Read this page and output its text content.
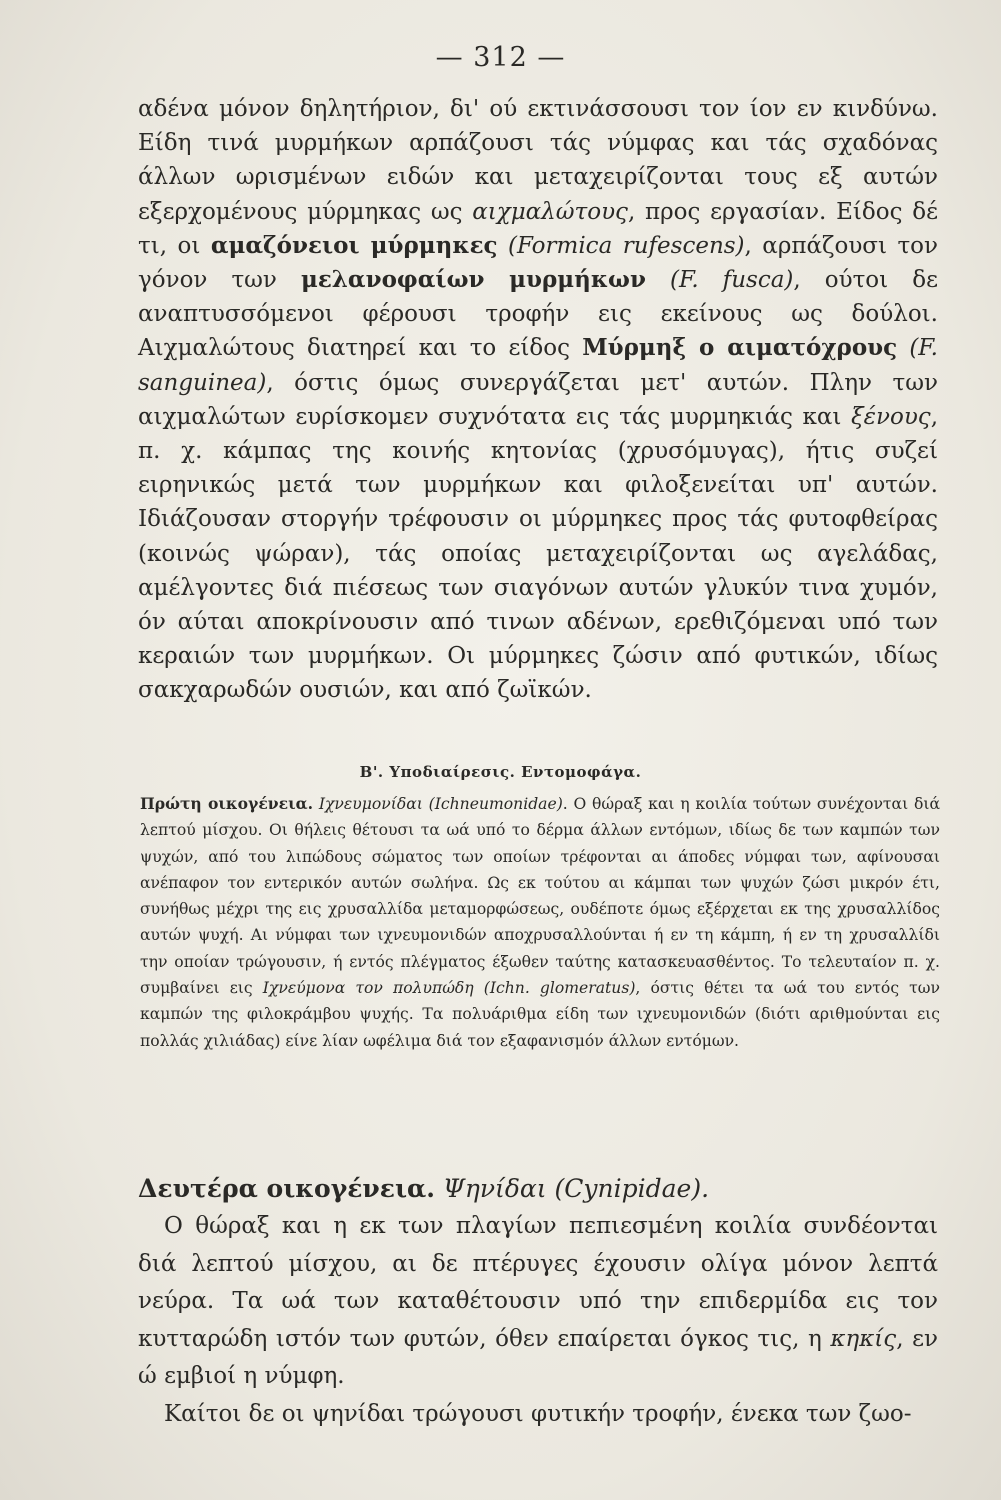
— 312 —

αδένα μόνον δηλητήριον, δι' ού εκτινάσσουσι τον ίον εν κινδύνω. Είδη τινά μυρμήκων αρπάζουσι τάς νύμφας και τάς σχαδόνας άλλων ωρισμένων ειδών και μεταχειρίζονται τους εξ αυτών εξερχομένους μύρμηκας ως αιχμαλώτους, προς εργασίαν. Είδος δέ τι, οι αμαζόνειοι μύρμηκες (Formica rufescens), αρπάζουσι τον γόνον των μελανοφαίων μυρμήκων (F. fusca), ούτοι δε αναπτυσσόμενοι φέρουσι τροφήν εις εκείνους ως δούλοι. Αιχμαλώτους διατηρεί και το είδος Μύρμηξ ο αιματόχρους (F. sanguinea), όστις όμως συνεργάζεται μετ' αυτών. Πλην των αιχμαλώτων ευρίσκομεν συχνότατα εις τάς μυρμηκιάς και ξένους, π. χ. κάμπας της κοινής κητονίας (χρυσόμυγας), ήτις συζεί ειρηνικώς μετά των μυρμήκων και φιλοξενείται υπ' αυτών. Ιδιάζουσαν στοργήν τρέφουσιν οι μύρμηκες προς τάς φυτοφθείρας (κοινώς ψώραν), τάς οποίας μεταχειρίζονται ως αγελάδας, αμέλγοντες διά πιέσεως των σιαγόνων αυτών γλυκύν τινα χυμόν, όν αύται αποκρίνουσιν από τινων αδένων, ερεθιζόμεναι υπό των κεραιών των μυρμήκων. Οι μύρμηκες ζώσιν από φυτικών, ιδίως σακχαρωδών ουσιών, και από ζωϊκών.

Β'. Υποδιαίρεσις. Εντομοφάγα.

Πρώτη οικογένεια. Ιχνευμονίδαι (Ichneumonidae). Ο θώραξ και η κοιλία τούτων συνέχονται διά λεπτού μίσχου. Οι θήλεις θέτουσι τα ωά υπό το δέρμα άλλων εντόμων, ιδίως δε των καμπών των ψυχών, από του λιπώδους σώματος των οποίων τρέφονται αι άποδες νύμφαι των, αφίνουσαι ανέπαφον τον εντερικόν αυτών σωλήνα. Ως εκ τούτου αι κάμπαι των ψυχών ζώσι μικρόν έτι, συνήθως μέχρι της εις χρυσαλλίδα μεταμορφώσεως, ουδέποτε όμως εξέρχεται εκ της χρυσαλλίδος αυτών ψυχή. Αι νύμφαι των ιχνευμονιδών αποχρυσαλλούνται ή εν τη κάμπη, ή εν τη χρυσαλλίδι την οποίαν τρώγουσιν, ή εντός πλέγματος έξωθεν ταύτης κατασκευασθέντος. Το τελευταίον π. χ. συμβαίνει εις Ιχνεύμονα τον πολυπώδη (Ichn. glomeratus), όστις θέτει τα ωά του εντός των καμπών της φιλοκράμβου ψυχής. Τα πολυάριθμα είδη των ιχνευμονιδών (διότι αριθμούνται εις πολλάς χιλιάδας) είνε λίαν ωφέλιμα διά τον εξαφανισμόν άλλων εντόμων.

Δευτέρα οικογένεια. Ψηνίδαι (Cynipidae).

Ο θώραξ και η εκ των πλαγίων πεπιεσμένη κοιλία συνδέονται διά λεπτού μίσχου, αι δε πτέρυγες έχουσιν ολίγα μόνον λεπτά νεύρα. Τα ωά των καταθέτουσιν υπό την επιδερμίδα εις τον κυτταρώδη ιστόν των φυτών, όθεν επαίρεται όγκος τις, η κηκίς, εν ώ εμβιοί η νύμφη.

Καίτοι δε οι ψηνίδαι τρώγουσι φυτικήν τροφήν, ένεκα των ζωο-
